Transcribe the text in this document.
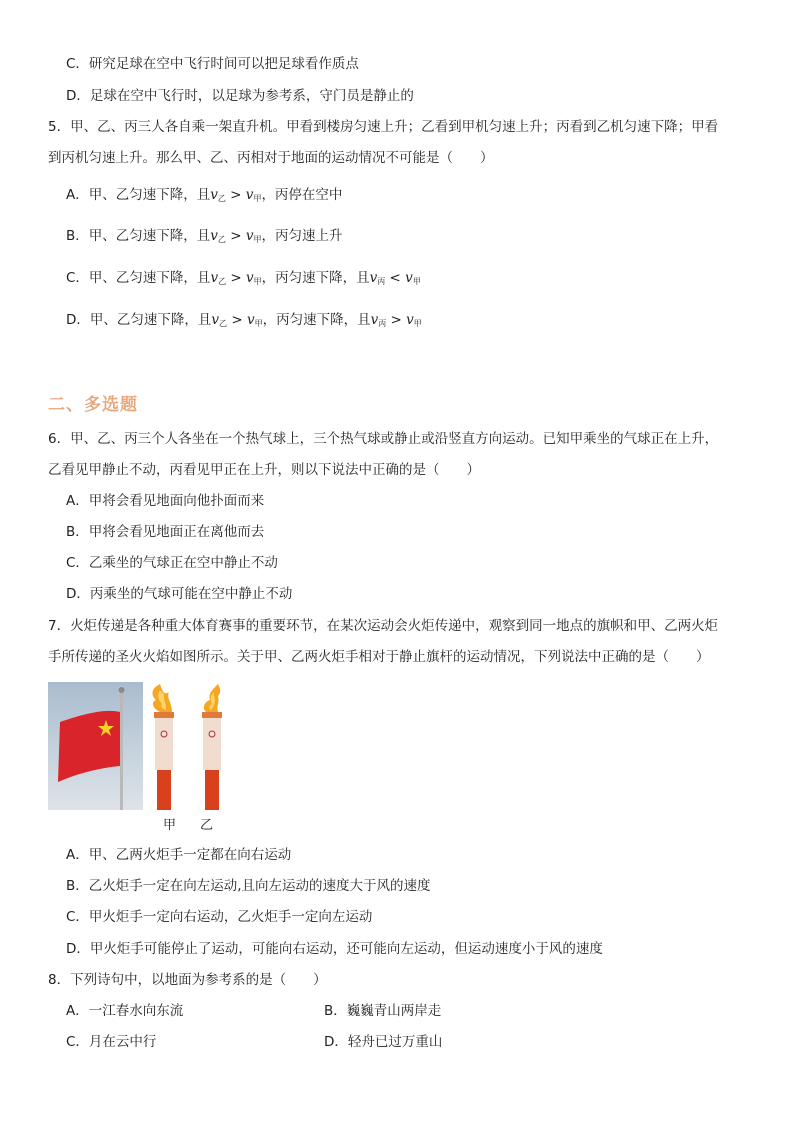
C．研究足球在空中飞行时间可以把足球看作质点
D．足球在空中飞行时，以足球为参考系，守门员是静止的
5．甲、乙、丙三人各自乘一架直升机。甲看到楼房匀速上升；乙看到甲机匀速上升；丙看到乙机匀速下降；甲看
到丙机匀速上升。那么甲、乙、丙相对于地面的运动情况不可能是（　　）
A．甲、乙匀速下降，且$v_乙 > v_甲$，丙停在空中
B．甲、乙匀速下降，且$v_乙 > v_甲$，丙匀速上升
C．甲、乙匀速下降，且$v_乙 > v_甲$，丙匀速下降，且$v_丙 < v_甲$
D．甲、乙匀速下降，且$v_乙 > v_甲$，丙匀速下降，且$v_丙 > v_甲$
二、多选题
6．甲、乙、丙三个人各坐在一个热气球上，三个热气球或静止或沿竖直方向运动。已知甲乘坐的气球正在上升，
乙看见甲静止不动，丙看见甲正在上升，则以下说法中正确的是（　　）
A．甲将会看见地面向他扑面而来
B．甲将会看见地面正在离他而去
C．乙乘坐的气球正在空中静止不动
D．丙乘坐的气球可能在空中静止不动
7．火炬传递是各种重大体育赛事的重要环节，在某次运动会火炬传递中，观察到同一地点的旗帜和甲、乙两火炬
手所传递的圣火火焰如图所示。关于甲、乙两火炬手相对于静止旗杆的运动情况，下列说法中正确的是（　　）
甲 乙
A．甲、乙两火炬手一定都在向右运动
B．乙火炬手一定在向左运动,且向左运动的速度大于风的速度
C．甲火炬手一定向右运动，乙火炬手一定向左运动
D．甲火炬手可能停止了运动，可能向右运动，还可能向左运动，但运动速度小于风的速度
8．下列诗句中，以地面为参考系的是（　　）
A．一江春水向东流	B．巍巍青山两岸走
C．月在云中行	D．轻舟已过万重山
